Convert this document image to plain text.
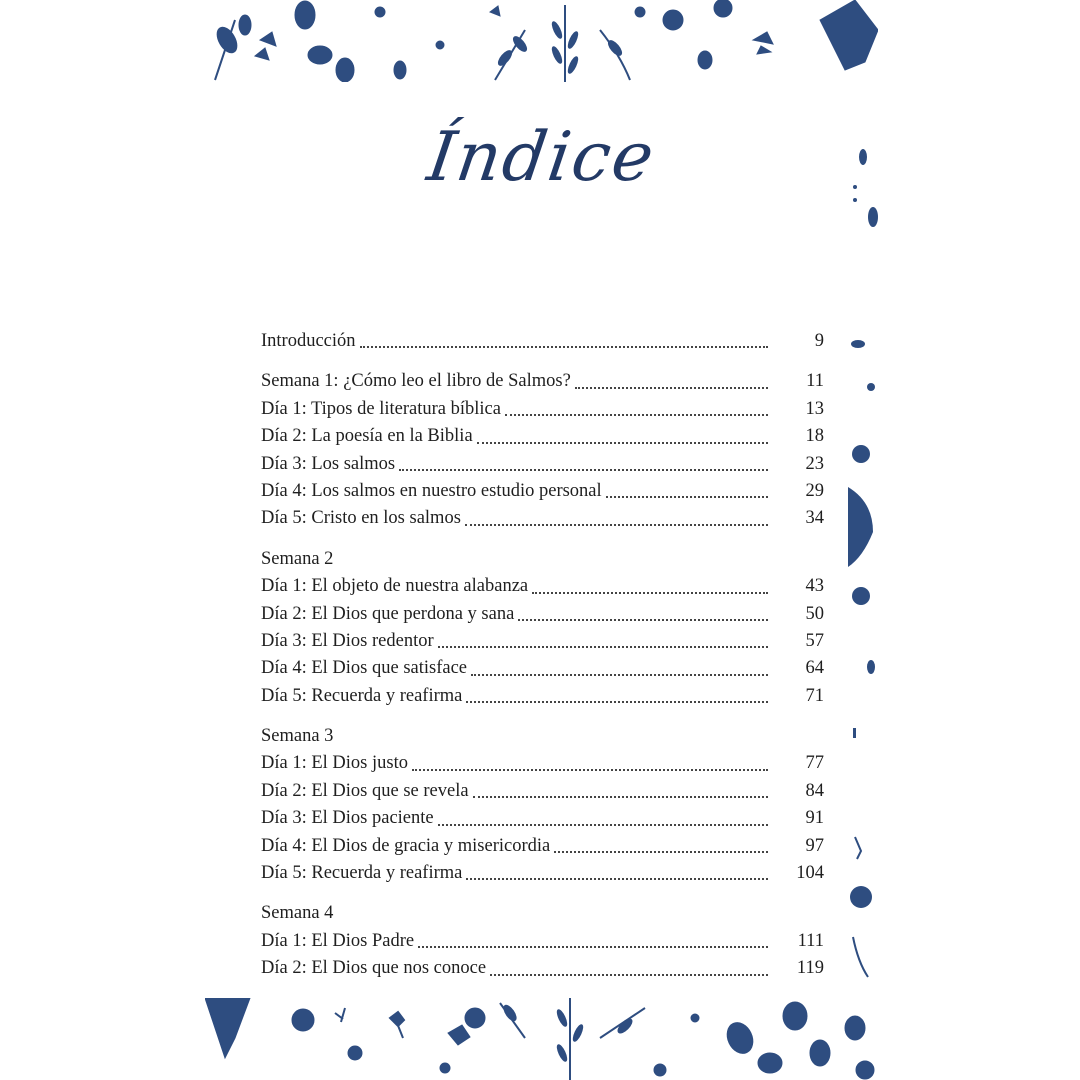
Índice
Introducción	9
Semana 1: ¿Cómo leo el libro de Salmos?	11
Día 1: Tipos de literatura bíblica	13
Día 2: La poesía en la Biblia	18
Día 3: Los salmos	23
Día 4: Los salmos en nuestro estudio personal	29
Día 5: Cristo en los salmos	34
Semana 2
Día 1: El objeto de nuestra alabanza	43
Día 2: El Dios que perdona y sana	50
Día 3: El Dios redentor	57
Día 4: El Dios que satisface	64
Día 5: Recuerda y reafirma	71
Semana 3
Día 1: El Dios justo	77
Día 2: El Dios que se revela	84
Día 3: El Dios paciente	91
Día 4: El Dios de gracia y misericordia	97
Día 5: Recuerda y reafirma	104
Semana 4
Día 1: El Dios Padre	111
Día 2: El Dios que nos conoce	119
